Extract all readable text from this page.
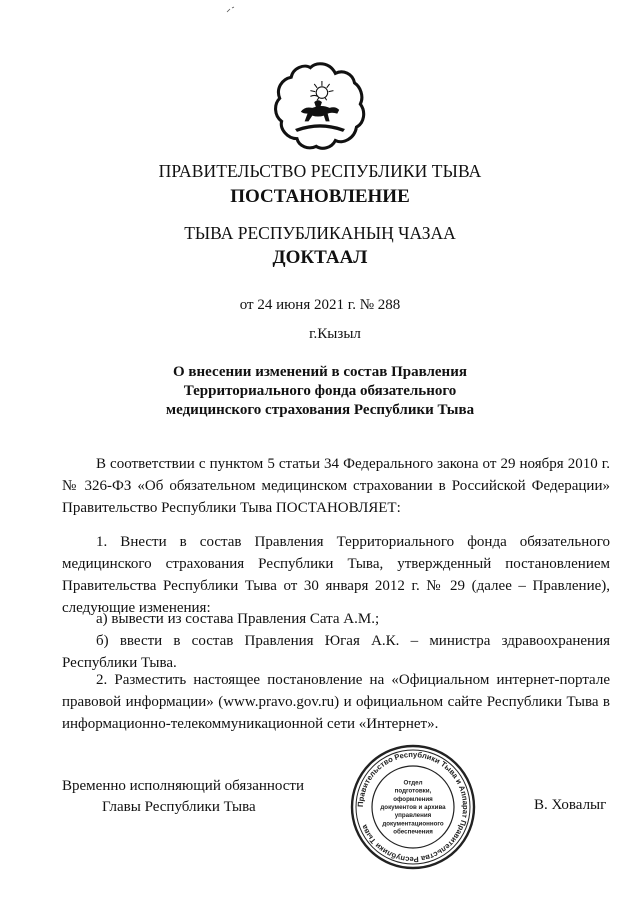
ПРАВИТЕЛЬСТВО РЕСПУБЛИКИ ТЫВА
ПОСТАНОВЛЕНИЕ
ТЫВА РЕСПУБЛИКАНЫҢ ЧАЗАА
ДОКТААЛ
от 24 июня 2021 г. № 288
г.Кызыл
О внесении изменений в состав Правления
Территориального фонда обязательного
медицинского страхования Республики Тыва
В соответствии с пунктом 5 статьи 34 Федерального закона от 29 ноября 2010 г. № 326-ФЗ «Об обязательном медицинском страховании в Российской Федерации» Правительство Республики Тыва ПОСТАНОВЛЯЕТ:
1. Внести в состав Правления Территориального фонда обязательного медицинского страхования Республики Тыва, утвержденный постановлением Правительства Республики Тыва от 30 января 2012 г. № 29 (далее – Правление), следующие изменения:
а) вывести из состава Правления Сата А.М.;
б) ввести в состав Правления Югая А.К. – министра здравоохранения Республики Тыва.
2. Разместить настоящее постановление на «Официальном интернет-портале правовой информации» (www.pravo.gov.ru) и официальном сайте Республики Тыва в информационно-телекоммуникационной сети «Интернет».
Временно исполняющий обязанности
Главы Республики Тыва	В. Ховалыг
Правительство Республики Тыва и Аппарат Правительства Республики Тыва
Отдел
подготовки,
оформления
документов и архива
управления
документационного
обеспечения
